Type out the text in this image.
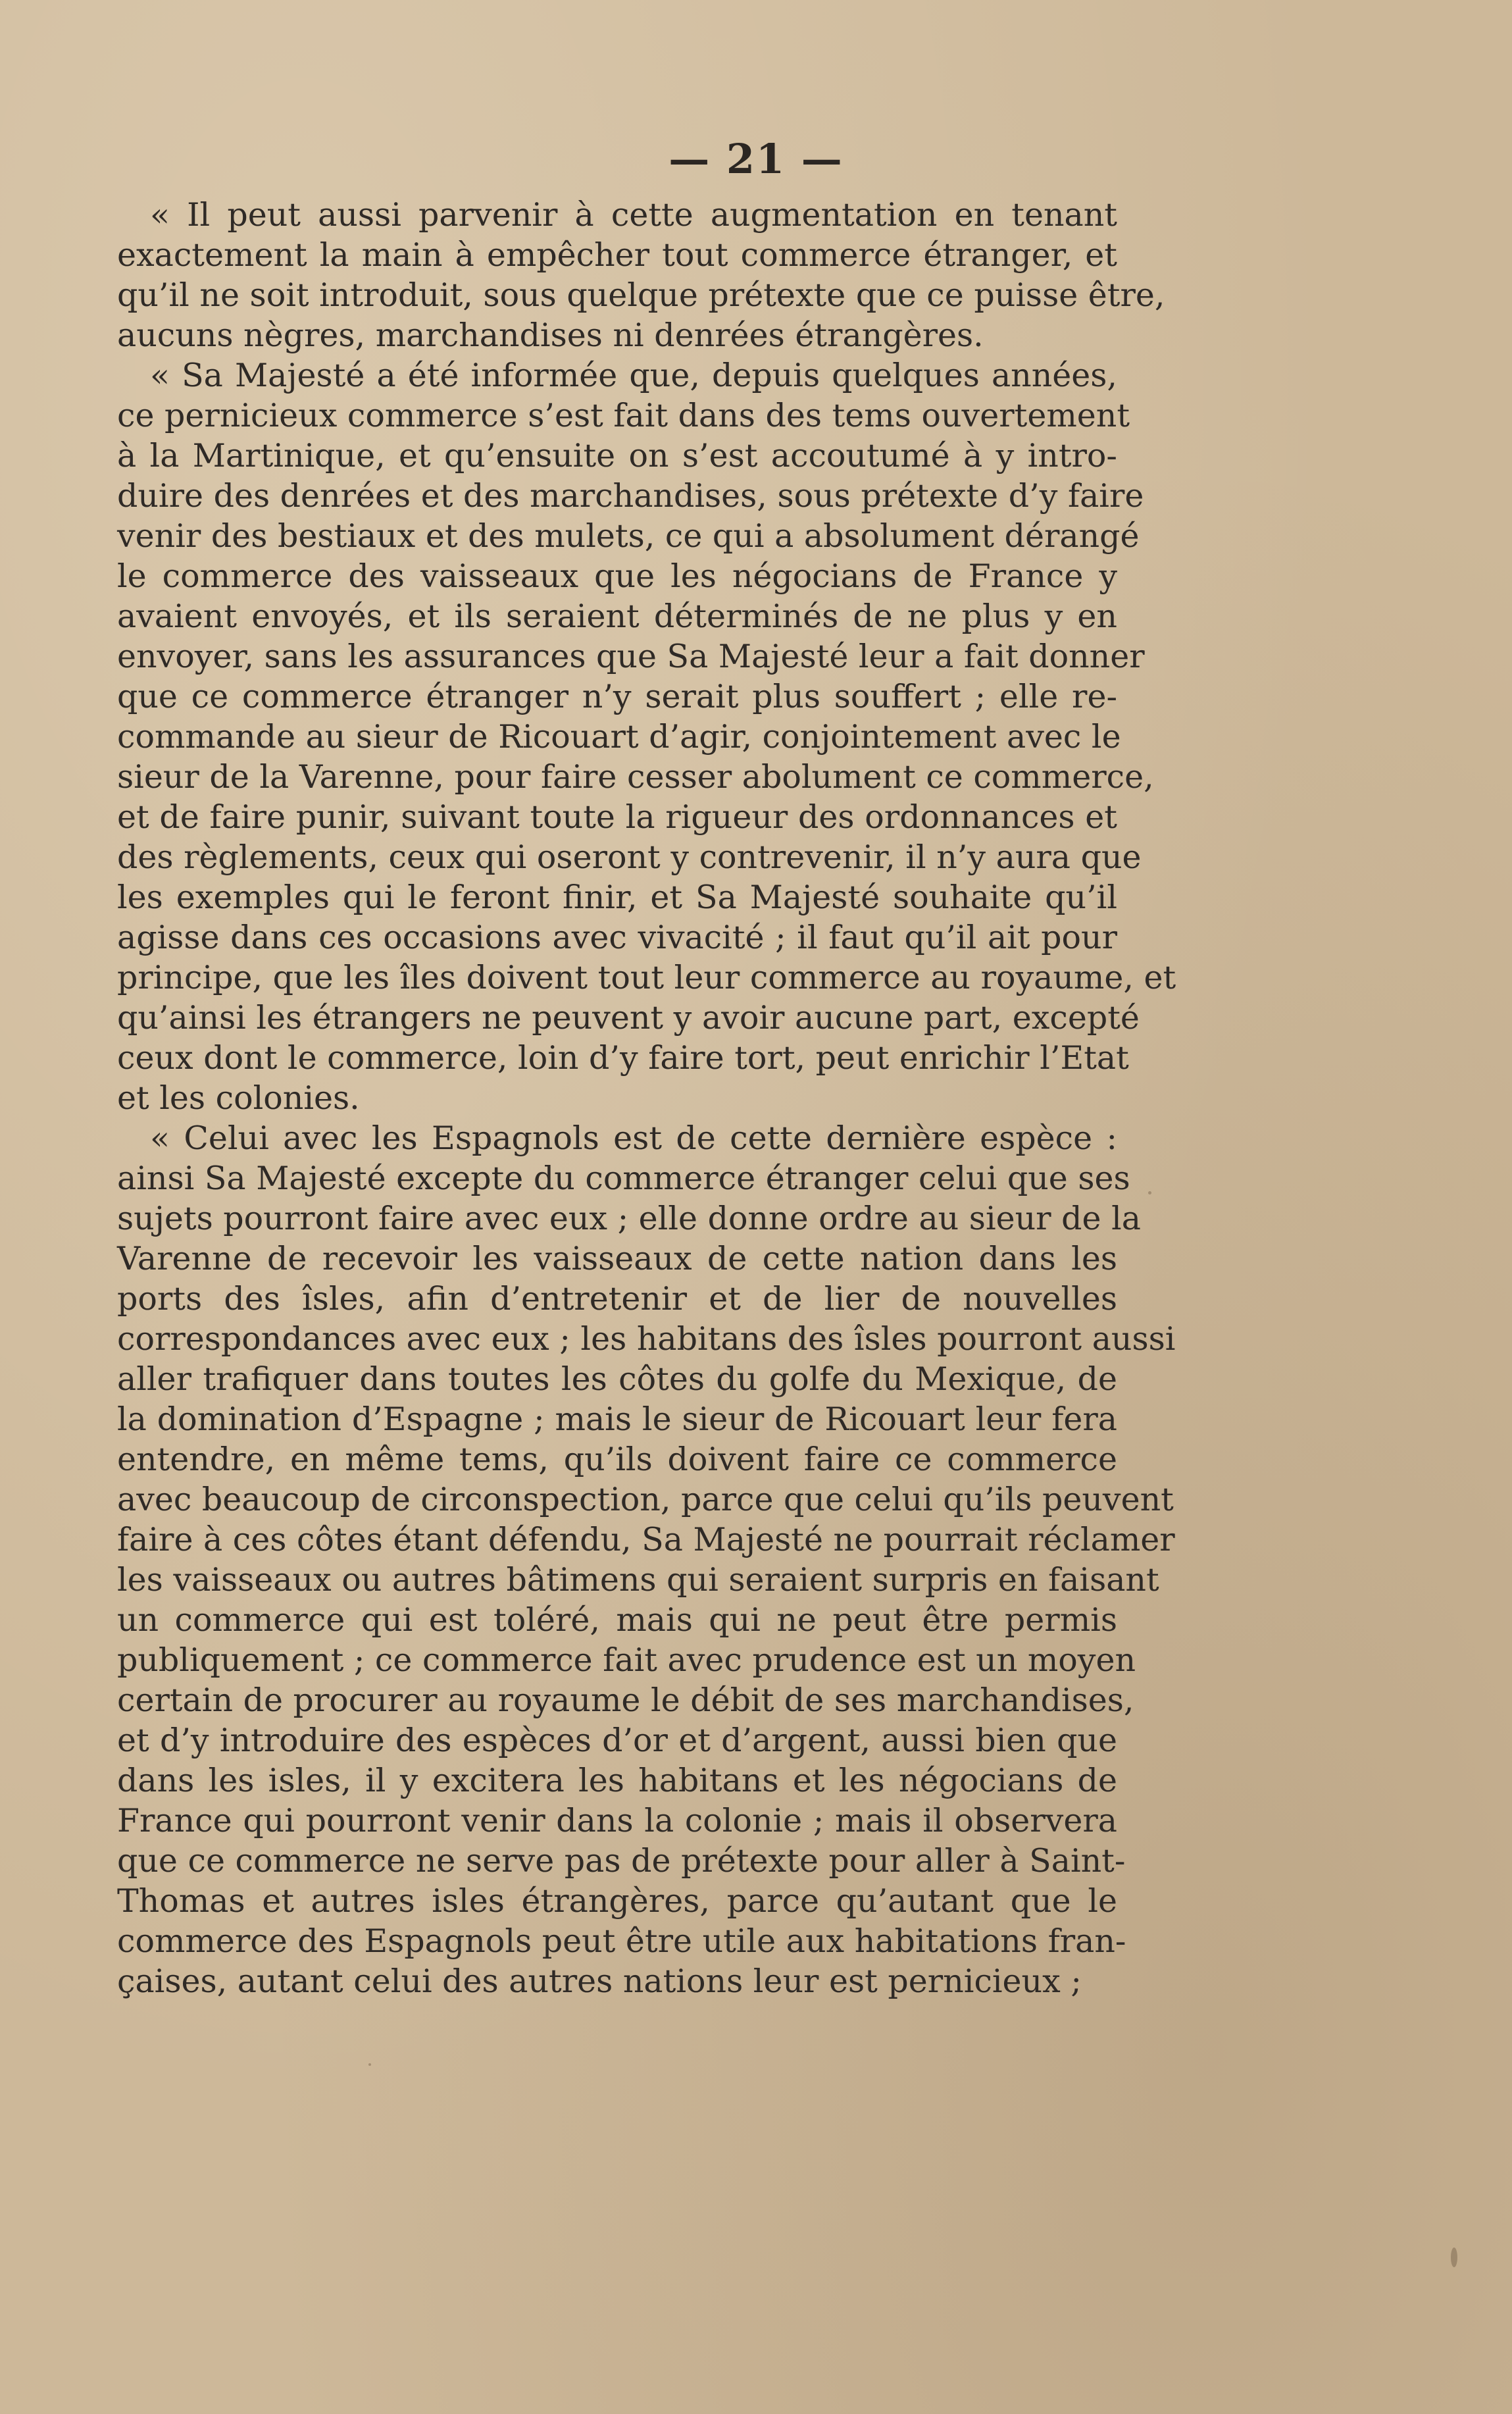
— 21 —
« Il peut aussi parvenir à cette augmentation en tenant
exactement la main à empêcher tout commerce étranger, et
qu’il ne soit introduit, sous quelque prétexte que ce puisse être,
aucuns nègres, marchandises ni denrées étrangères.
« Sa Majesté a été informée que, depuis quelques années,
ce pernicieux commerce s’est fait dans des tems ouvertement
à la Martinique, et qu’ensuite on s’est accoutumé à y intro-
duire des denrées et des marchandises, sous prétexte d’y faire
venir des bestiaux et des mulets, ce qui a absolument dérangé
le commerce des vaisseaux que les négocians de France y
avaient envoyés, et ils seraient déterminés de ne plus y en
envoyer, sans les assurances que Sa Majesté leur a fait donner
que ce commerce étranger n’y serait plus souffert ; elle re-
commande au sieur de Ricouart d’agir, conjointement avec le
sieur de la Varenne, pour faire cesser abolument ce commerce,
et de faire punir, suivant toute la rigueur des ordonnances et
des règlements, ceux qui oseront y contrevenir, il n’y aura que
les exemples qui le feront finir, et Sa Majesté souhaite qu’il
agisse dans ces occasions avec vivacité ; il faut qu’il ait pour
principe, que les îles doivent tout leur commerce au royaume, et
qu’ainsi les étrangers ne peuvent y avoir aucune part, excepté
ceux dont le commerce, loin d’y faire tort, peut enrichir l’Etat
et les colonies.
« Celui avec les Espagnols est de cette dernière espèce :
ainsi Sa Majesté excepte du commerce étranger celui que ses
sujets pourront faire avec eux ; elle donne ordre au sieur de la
Varenne de recevoir les vaisseaux de cette nation dans les
ports des îsles, afin d’entretenir et de lier de nouvelles
correspondances avec eux ; les habitans des îsles pourront aussi
aller trafiquer dans toutes les côtes du golfe du Mexique, de
la domination d’Espagne ; mais le sieur de Ricouart leur fera
entendre, en même tems, qu’ils doivent faire ce commerce
avec beaucoup de circonspection, parce que celui qu’ils peuvent
faire à ces côtes étant défendu, Sa Majesté ne pourrait réclamer
les vaisseaux ou autres bâtimens qui seraient surpris en faisant
un commerce qui est toléré, mais qui ne peut être permis
publiquement ; ce commerce fait avec prudence est un moyen
certain de procurer au royaume le débit de ses marchandises,
et d’y introduire des espèces d’or et d’argent, aussi bien que
dans les isles, il y excitera les habitans et les négocians de
France qui pourront venir dans la colonie ; mais il observera
que ce commerce ne serve pas de prétexte pour aller à Saint-
Thomas et autres isles étrangères, parce qu’autant que le
commerce des Espagnols peut être utile aux habitations fran-
çaises, autant celui des autres nations leur est pernicieux ;
